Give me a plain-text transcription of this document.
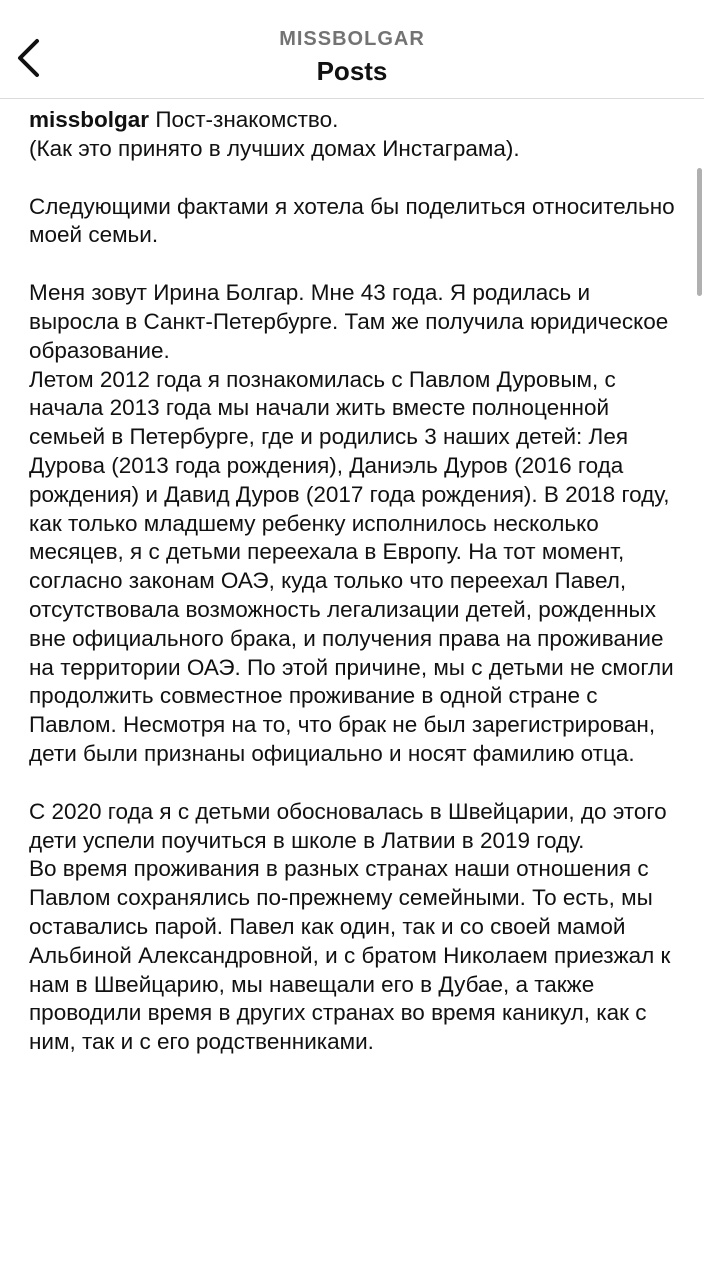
MISSBOLGAR
Posts

missbolgar Пост-знакомство.

(Как это принято в лучших домах Инстаграма).

Следующими фактами я хотела бы поделиться относительно моей семьи.

Меня зовут Ирина Болгар. Мне 43 года. Я родилась и выросла в Санкт-Петербурге. Там же получила юридическое образование.

Летом 2012 года я познакомилась с Павлом Дуровым, с начала 2013 года мы начали жить вместе полноценной семьей в Петербурге, где и родились 3 наших детей: Лея Дурова (2013 года рождения), Даниэль Дуров (2016 года рождения) и Давид Дуров (2017 года рождения). В 2018 году, как только младшему ребенку исполнилось несколько месяцев, я с детьми переехала в Европу. На тот момент, согласно законам ОАЭ, куда только что переехал Павел, отсутствовала возможность легализации детей, рожденных вне официального брака, и получения права на проживание на территории ОАЭ. По этой причине, мы с детьми не смогли продолжить совместное проживание в одной стране с Павлом. Несмотря на то, что брак не был зарегистрирован, дети были признаны официально и носят фамилию отца.

С 2020 года я с детьми обосновалась в Швейцарии, до этого дети успели поучиться в школе в Латвии в 2019 году.

Во время проживания в разных странах наши отношения с Павлом сохранялись по-прежнему семейными. То есть, мы оставались парой. Павел как один, так и со своей мамой Альбиной Александровной, и с братом Николаем приезжал к нам в Швейцарию, мы навещали его в Дубае, а также проводили время в других странах во время каникул, как с ним, так и с его родственниками.
